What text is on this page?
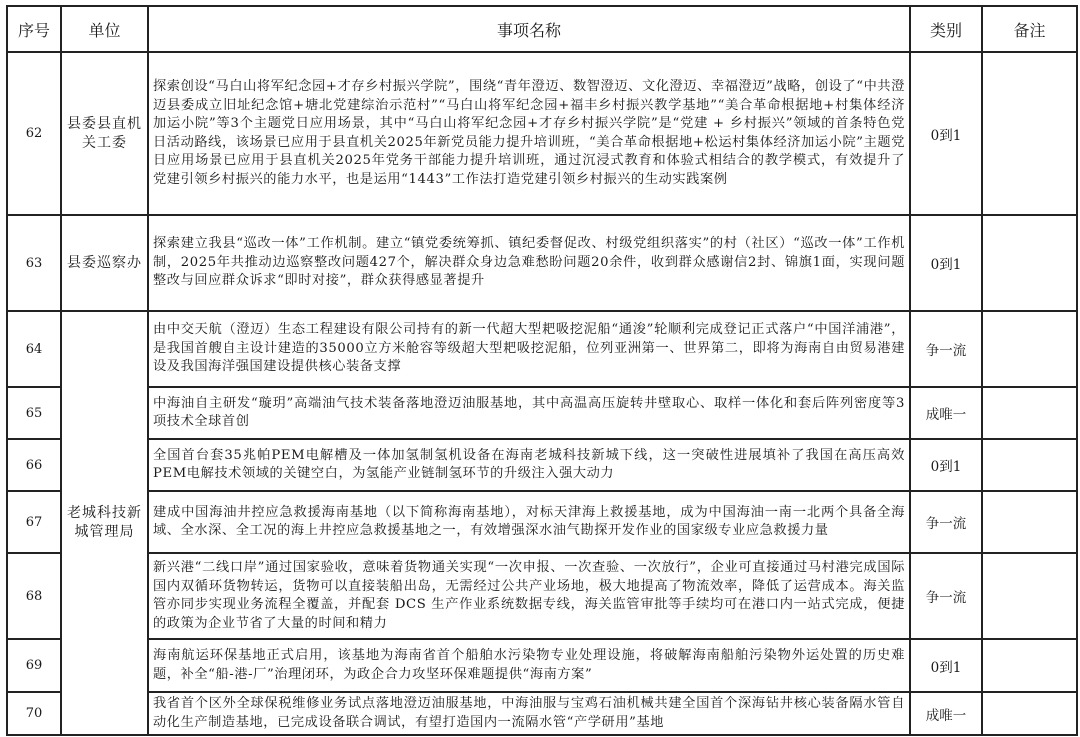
序号	单位	事项名称	类别	备注
62	县委县直机关工委	探索创设“马白山将军纪念园+才存乡村振兴学院”，围绕“青年澄迈、数智澄迈、文化澄迈、幸福澄迈”战略，创设了“中共澄迈县委成立旧址纪念馆+塘北党建综治示范村”“马白山将军纪念园+福丰乡村振兴教学基地”“美合革命根据地+村集体经济加运小院”等3个主题党日应用场景，其中“马白山将军纪念园+才存乡村振兴学院”是“党建 + 乡村振兴”领域的首条特色党日活动路线，该场景已应用于县直机关2025年新党员能力提升培训班，“美合革命根据地+松运村集体经济加运小院”主题党日应用场景已应用于县直机关2025年党务干部能力提升培训班，通过沉浸式教育和体验式相结合的教学模式，有效提升了党建引领乡村振兴的能力水平，也是运用“1443”工作法打造党建引领乡村振兴的生动实践案例	0到1	
63	县委巡察办	探索建立我县“巡改一体”工作机制。建立“镇党委统筹抓、镇纪委督促改、村级党组织落实”的村（社区）“巡改一体”工作机制，2025年共推动边巡察整改问题427个，解决群众身边急难愁盼问题20余件，收到群众感谢信2封、锦旗1面，实现问题整改与回应群众诉求“即时对接”，群众获得感显著提升	0到1	
64	老城科技新城管理局	由中交天航（澄迈）生态工程建设有限公司持有的新一代超大型耙吸挖泥船“通浚”轮顺利完成登记正式落户“中国洋浦港”，是我国首艘自主设计建造的35000立方米舱容等级超大型耙吸挖泥船，位列亚洲第一、世界第二，即将为海南自由贸易港建设及我国海洋强国建设提供核心装备支撑	争一流	
65		中海油自主研发“璇玥”高端油气技术装备落地澄迈油服基地，其中高温高压旋转井壁取心、取样一体化和套后阵列密度等3项技术全球首创	成唯一	
66		全国首台套35兆帕PEM电解槽及一体加氢制氢机设备在海南老城科技新城下线，这一突破性进展填补了我国在高压高效PEM电解技术领域的关键空白，为氢能产业链制氢环节的升级注入强大动力	0到1	
67		建成中国海油井控应急救援海南基地（以下简称海南基地），对标天津海上救援基地，成为中国海油一南一北两个具备全海域、全水深、全工况的海上井控应急救援基地之一，有效增强深水油气勘探开发作业的国家级专业应急救援力量	争一流	
68		新兴港“二线口岸”通过国家验收，意味着货物通关实现“一次申报、一次查验、一次放行”，企业可直接通过马村港完成国际国内双循环货物转运，货物可以直接装船出岛，无需经过公共产业场地，极大地提高了物流效率，降低了运营成本。海关监管亦同步实现业务流程全覆盖，并配套 DCS 生产作业系统数据专线，海关监管审批等手续均可在港口内一站式完成，便捷的政策为企业节省了大量的时间和精力	争一流	
69		海南航运环保基地正式启用，该基地为海南省首个船舶水污染物专业处理设施，将破解海南船舶污染物外运处置的历史难题，补全“船-港-厂”治理闭环，为政企合力攻坚环保难题提供“海南方案”	0到1	
70		我省首个区外全球保税维修业务试点落地澄迈油服基地，中海油服与宝鸡石油机械共建全国首个深海钻井核心装备隔水管自动化生产制造基地，已完成设备联合调试，有望打造国内一流隔水管“产学研用”基地	成唯一	
